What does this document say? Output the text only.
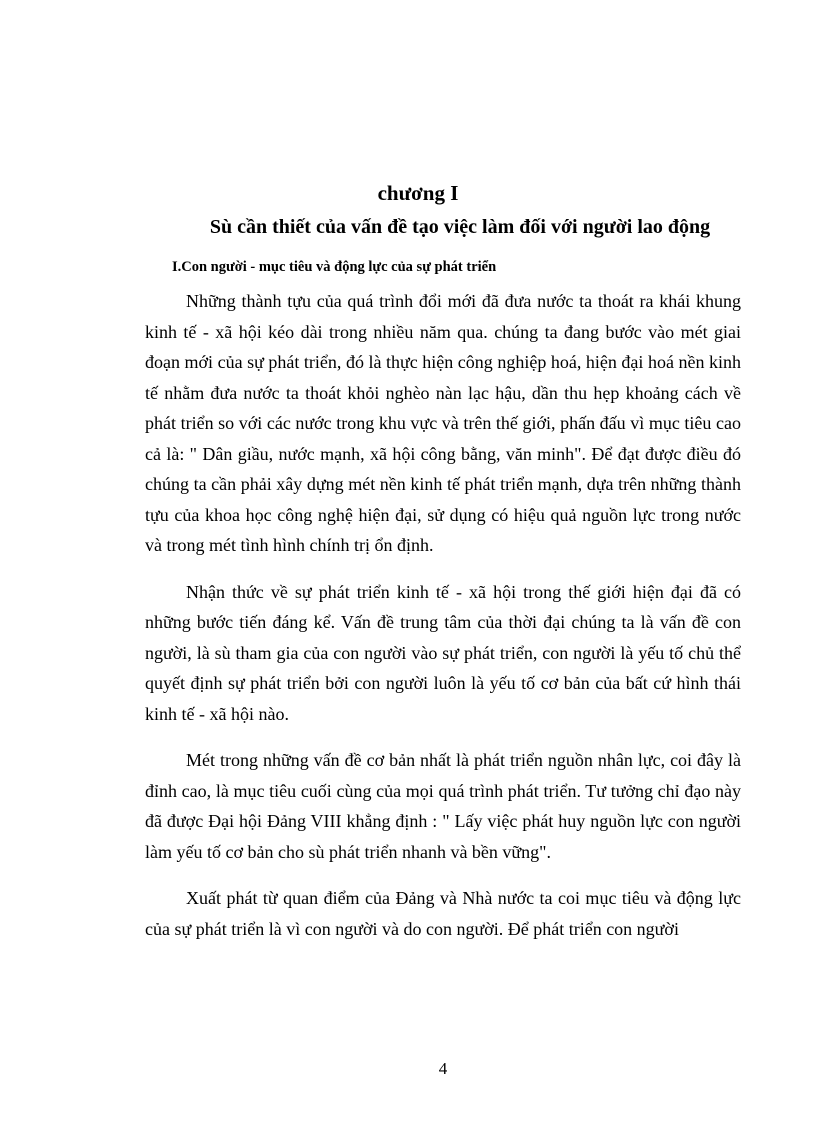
chương I
Sù cần thiết của vấn đề tạo việc làm đối với người lao động
I.Con người - mục tiêu và động lực của sự phát triển

Những thành tựu của quá trình đổi mới đã đưa nước ta thoát ra khái khung kinh tế - xã hội kéo dài trong nhiều năm qua. chúng ta đang bước vào mét giai đoạn mới của sự phát triển, đó là thực hiện công nghiệp hoá, hiện đại hoá nền kinh tế nhằm đưa nước ta thoát khỏi nghèo nàn lạc hậu, dần thu hẹp khoảng cách về phát triển so với các nước trong khu vực và trên thế giới, phấn đấu vì mục tiêu cao cả là: " Dân giầu, nước mạnh, xã hội công bằng, văn minh". Để đạt được điều đó chúng ta cần phải xây dựng mét nền kinh tế phát triển mạnh, dựa trên những thành tựu của khoa học công nghệ hiện đại, sử dụng có hiệu quả nguồn lực trong nước và trong mét tình hình chính trị ổn định.

Nhận thức về sự phát triển kinh tế - xã hội trong thế giới hiện đại đã có những bước tiến đáng kể. Vấn đề trung tâm của thời đại chúng ta là vấn đề con người, là sù tham gia của con người vào sự phát triển, con người là yếu tố chủ thể quyết định sự phát triển bởi con người luôn là yếu tố cơ bản của bất cứ hình thái kinh tế - xã hội nào.

Mét trong những vấn đề cơ bản nhất là phát triển nguồn nhân lực, coi đây là đỉnh cao, là mục tiêu cuối cùng của mọi quá trình phát triển. Tư tưởng chỉ đạo này đã được Đại hội Đảng VIII khẳng định : " Lấy việc phát huy nguồn lực con người làm yếu tố cơ bản cho sù phát triển nhanh và bền vững".

Xuất phát từ quan điểm của Đảng và Nhà nước ta coi mục tiêu và động lực của sự phát triển là vì con người và do con người. Để phát triển con người

4
